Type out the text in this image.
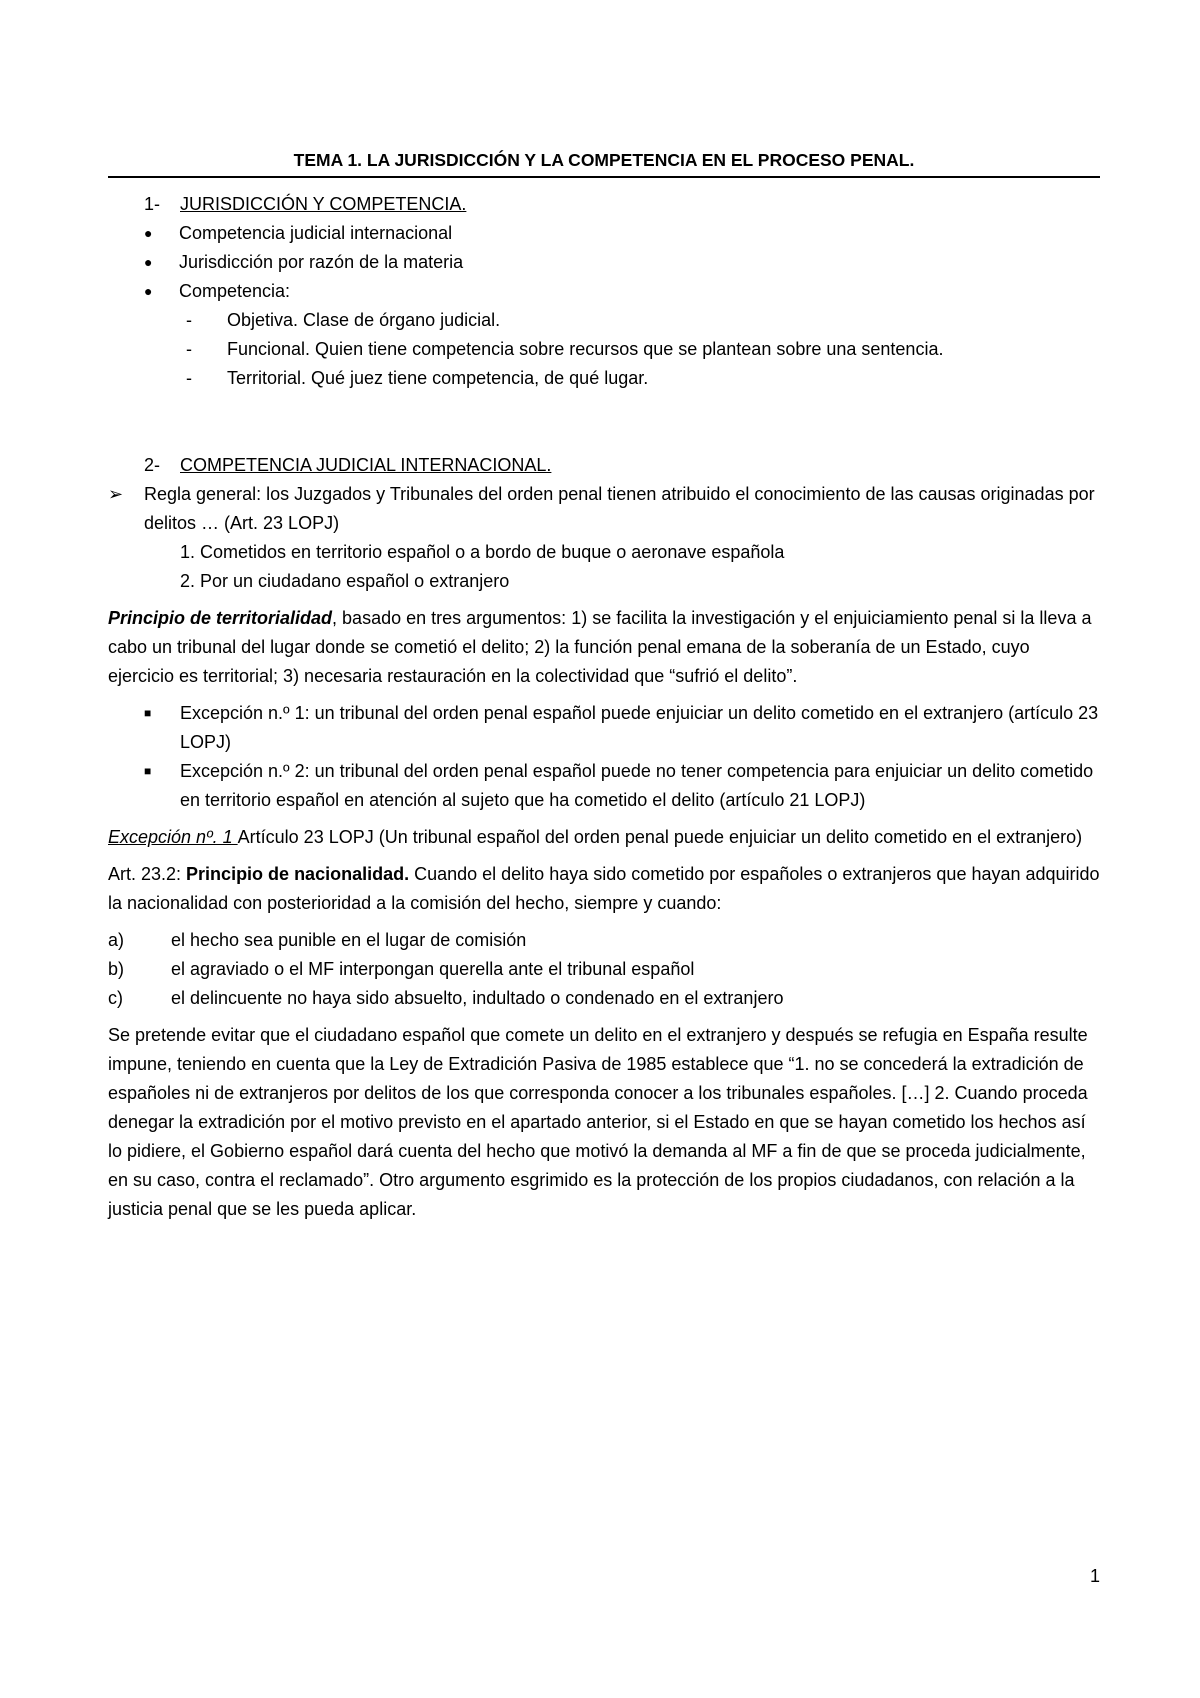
TEMA 1. LA JURISDICCIÓN Y LA COMPETENCIA EN EL PROCESO PENAL.
1-	JURISDICCIÓN Y COMPETENCIA.
●	Competencia judicial internacional
●	Jurisdicción por razón de la materia
●	Competencia:
-	Objetiva. Clase de órgano judicial.
-	Funcional. Quien tiene competencia sobre recursos que se plantean sobre una sentencia.
-	Territorial. Qué juez tiene competencia, de qué lugar.
2-	COMPETENCIA JUDICIAL INTERNACIONAL.
➢	Regla general: los Juzgados y Tribunales del orden penal tienen atribuido el conocimiento de las causas originadas por delitos … (Art. 23 LOPJ)
1. Cometidos en territorio español o a bordo de buque o aeronave española
2. Por un ciudadano español o extranjero
Principio de territorialidad, basado en tres argumentos: 1) se facilita la investigación y el enjuiciamiento penal si la lleva a cabo un tribunal del lugar donde se cometió el delito; 2) la función penal emana de la soberanía de un Estado, cuyo ejercicio es territorial; 3) necesaria restauración en la colectividad que “sufrió el delito”.
■	Excepción n.º 1: un tribunal del orden penal español puede enjuiciar un delito cometido en el extranjero (artículo 23 LOPJ)
■	Excepción n.º 2: un tribunal del orden penal español puede no tener competencia para enjuiciar un delito cometido en territorio español en atención al sujeto que ha cometido el delito (artículo 21 LOPJ)
Excepción nº. 1 Artículo 23 LOPJ (Un tribunal español del orden penal puede enjuiciar un delito cometido en el extranjero)
Art. 23.2: Principio de nacionalidad. Cuando el delito haya sido cometido por españoles o extranjeros que hayan adquirido la nacionalidad con posterioridad a la comisión del hecho, siempre y cuando:
a)	el hecho sea punible en el lugar de comisión
b)	el agraviado o el MF interpongan querella ante el tribunal español
c)	el delincuente no haya sido absuelto, indultado o condenado en el extranjero
Se pretende evitar que el ciudadano español que comete un delito en el extranjero y después se refugia en España resulte impune, teniendo en cuenta que la Ley de Extradición Pasiva de 1985 establece que “1. no se concederá la extradición de españoles ni de extranjeros por delitos de los que corresponda conocer a los tribunales españoles. […] 2. Cuando proceda denegar la extradición por el motivo previsto en el apartado anterior, si el Estado en que se hayan cometido los hechos así lo pidiere, el Gobierno español dará cuenta del hecho que motivó la demanda al MF a fin de que se proceda judicialmente, en su caso, contra el reclamado”. Otro argumento esgrimido es la protección de los propios ciudadanos, con relación a la justicia penal que se les pueda aplicar.
1
